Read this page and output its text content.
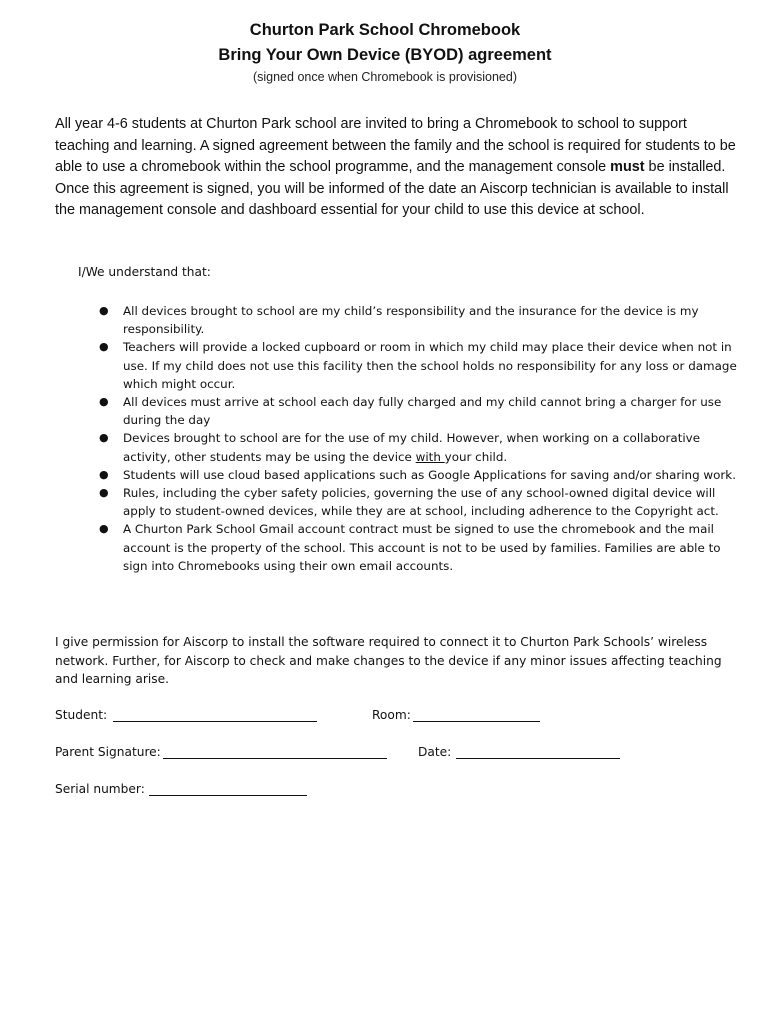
Churton Park School Chromebook
Bring Your Own Device (BYOD) agreement
(signed once when Chromebook is provisioned)

All year 4-6 students at Churton Park school are invited to bring a Chromebook to school to support teaching and learning. A signed agreement between the family and the school is required for students to be able to use a chromebook within the school programme, and the management console must be installed. Once this agreement is signed, you will be informed of the date an Aiscorp technician is available to install the management console and dashboard essential for your child to use this device at school.

I/We understand that:
● All devices brought to school are my child’s responsibility and the insurance for the device is my responsibility.
● Teachers will provide a locked cupboard or room in which my child may place their device when not in use. If my child does not use this facility then the school holds no responsibility for any loss or damage which might occur.
● All devices must arrive at school each day fully charged and my child cannot bring a charger for use during the day
● Devices brought to school are for the use of my child. However, when working on a collaborative activity, other students may be using the device with your child.
● Students will use cloud based applications such as Google Applications for saving and/or sharing work.
● Rules, including the cyber safety policies, governing the use of any school-owned digital device will apply to student-owned devices, while they are at school, including adherence to the Copyright act.
● A Churton Park School Gmail account contract must be signed to use the chromebook and the mail account is the property of the school. This account is not to be used by families. Families are able to sign into Chromebooks using their own email accounts.

I give permission for Aiscorp to install the software required to connect it to Churton Park Schools’ wireless network. Further, for Aiscorp to check and make changes to the device if any minor issues affecting teaching and learning arise.

Student:	Room:
Parent Signature:	Date:
Serial number:
